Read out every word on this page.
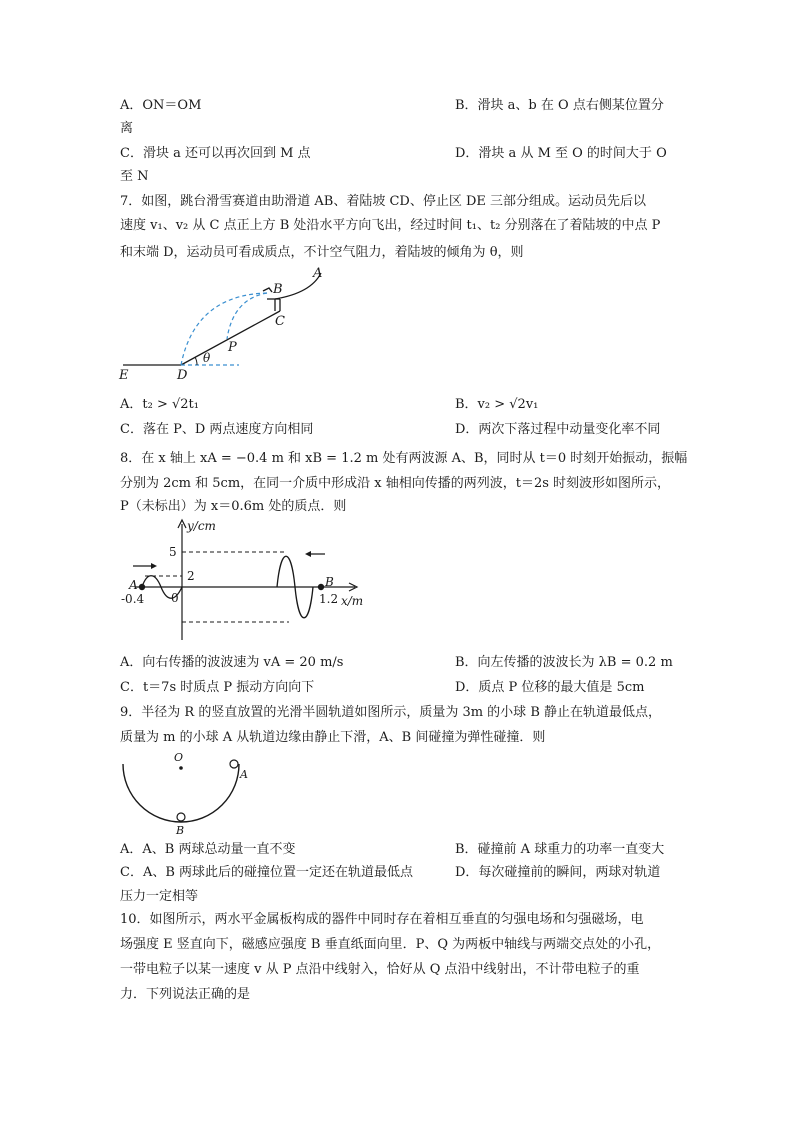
A．ON＝OM	B．滑块 a、b 在 O 点右侧某位置分
离
C．滑块 a 还可以再次回到 M 点	D．滑块 a 从 M 至 O 的时间大于 O
至 N
7．如图，跳台滑雪赛道由助滑道 AB、着陆坡 CD、停止区 DE 三部分组成。运动员先后以
速度 v₁、v₂ 从 C 点正上方 B 处沿水平方向飞出，经过时间 t₁、t₂ 分别落在了着陆坡的中点 P
和末端 D，运动员可看成质点，不计空气阻力，着陆坡的倾角为 θ，则
A
B
C
P
D
E
θ
A．t₂ > √2t₁	B．v₂ > √2v₁
C．落在 P、D 两点速度方向相同	D．两次下落过程中动量变化率不同
8．在 x 轴上 xA = −0.4 m 和 xB = 1.2 m 处有两波源 A、B，同时从 t＝0 时刻开始振动，振幅
分别为 2cm 和 5cm，在同一介质中形成沿 x 轴相向传播的两列波，t＝2s 时刻波形如图所示，
P（未标出）为 x＝0.6m 处的质点．则
y/cm
x/m
5
2
-0.4 0	1.2
A	B
A．向右传播的波波速为 vA = 20 m/s	B．向左传播的波波长为 λB = 0.2 m
C．t＝7s 时质点 P 振动方向向下	D．质点 P 位移的最大值是 5cm
9．半径为 R 的竖直放置的光滑半圆轨道如图所示，质量为 3m 的小球 B 静止在轨道最低点，
质量为 m 的小球 A 从轨道边缘由静止下滑，A、B 间碰撞为弹性碰撞．则
O
A
B
A．A、B 两球总动量一直不变	B．碰撞前 A 球重力的功率一直变大
C．A、B 两球此后的碰撞位置一定还在轨道最低点	D．每次碰撞前的瞬间，两球对轨道
压力一定相等
10．如图所示，两水平金属板构成的器件中同时存在着相互垂直的匀强电场和匀强磁场，电
场强度 E 竖直向下，磁感应强度 B 垂直纸面向里．P、Q 为两板中轴线与两端交点处的小孔，
一带电粒子以某一速度 v 从 P 点沿中线射入，恰好从 Q 点沿中线射出，不计带电粒子的重
力．下列说法正确的是
